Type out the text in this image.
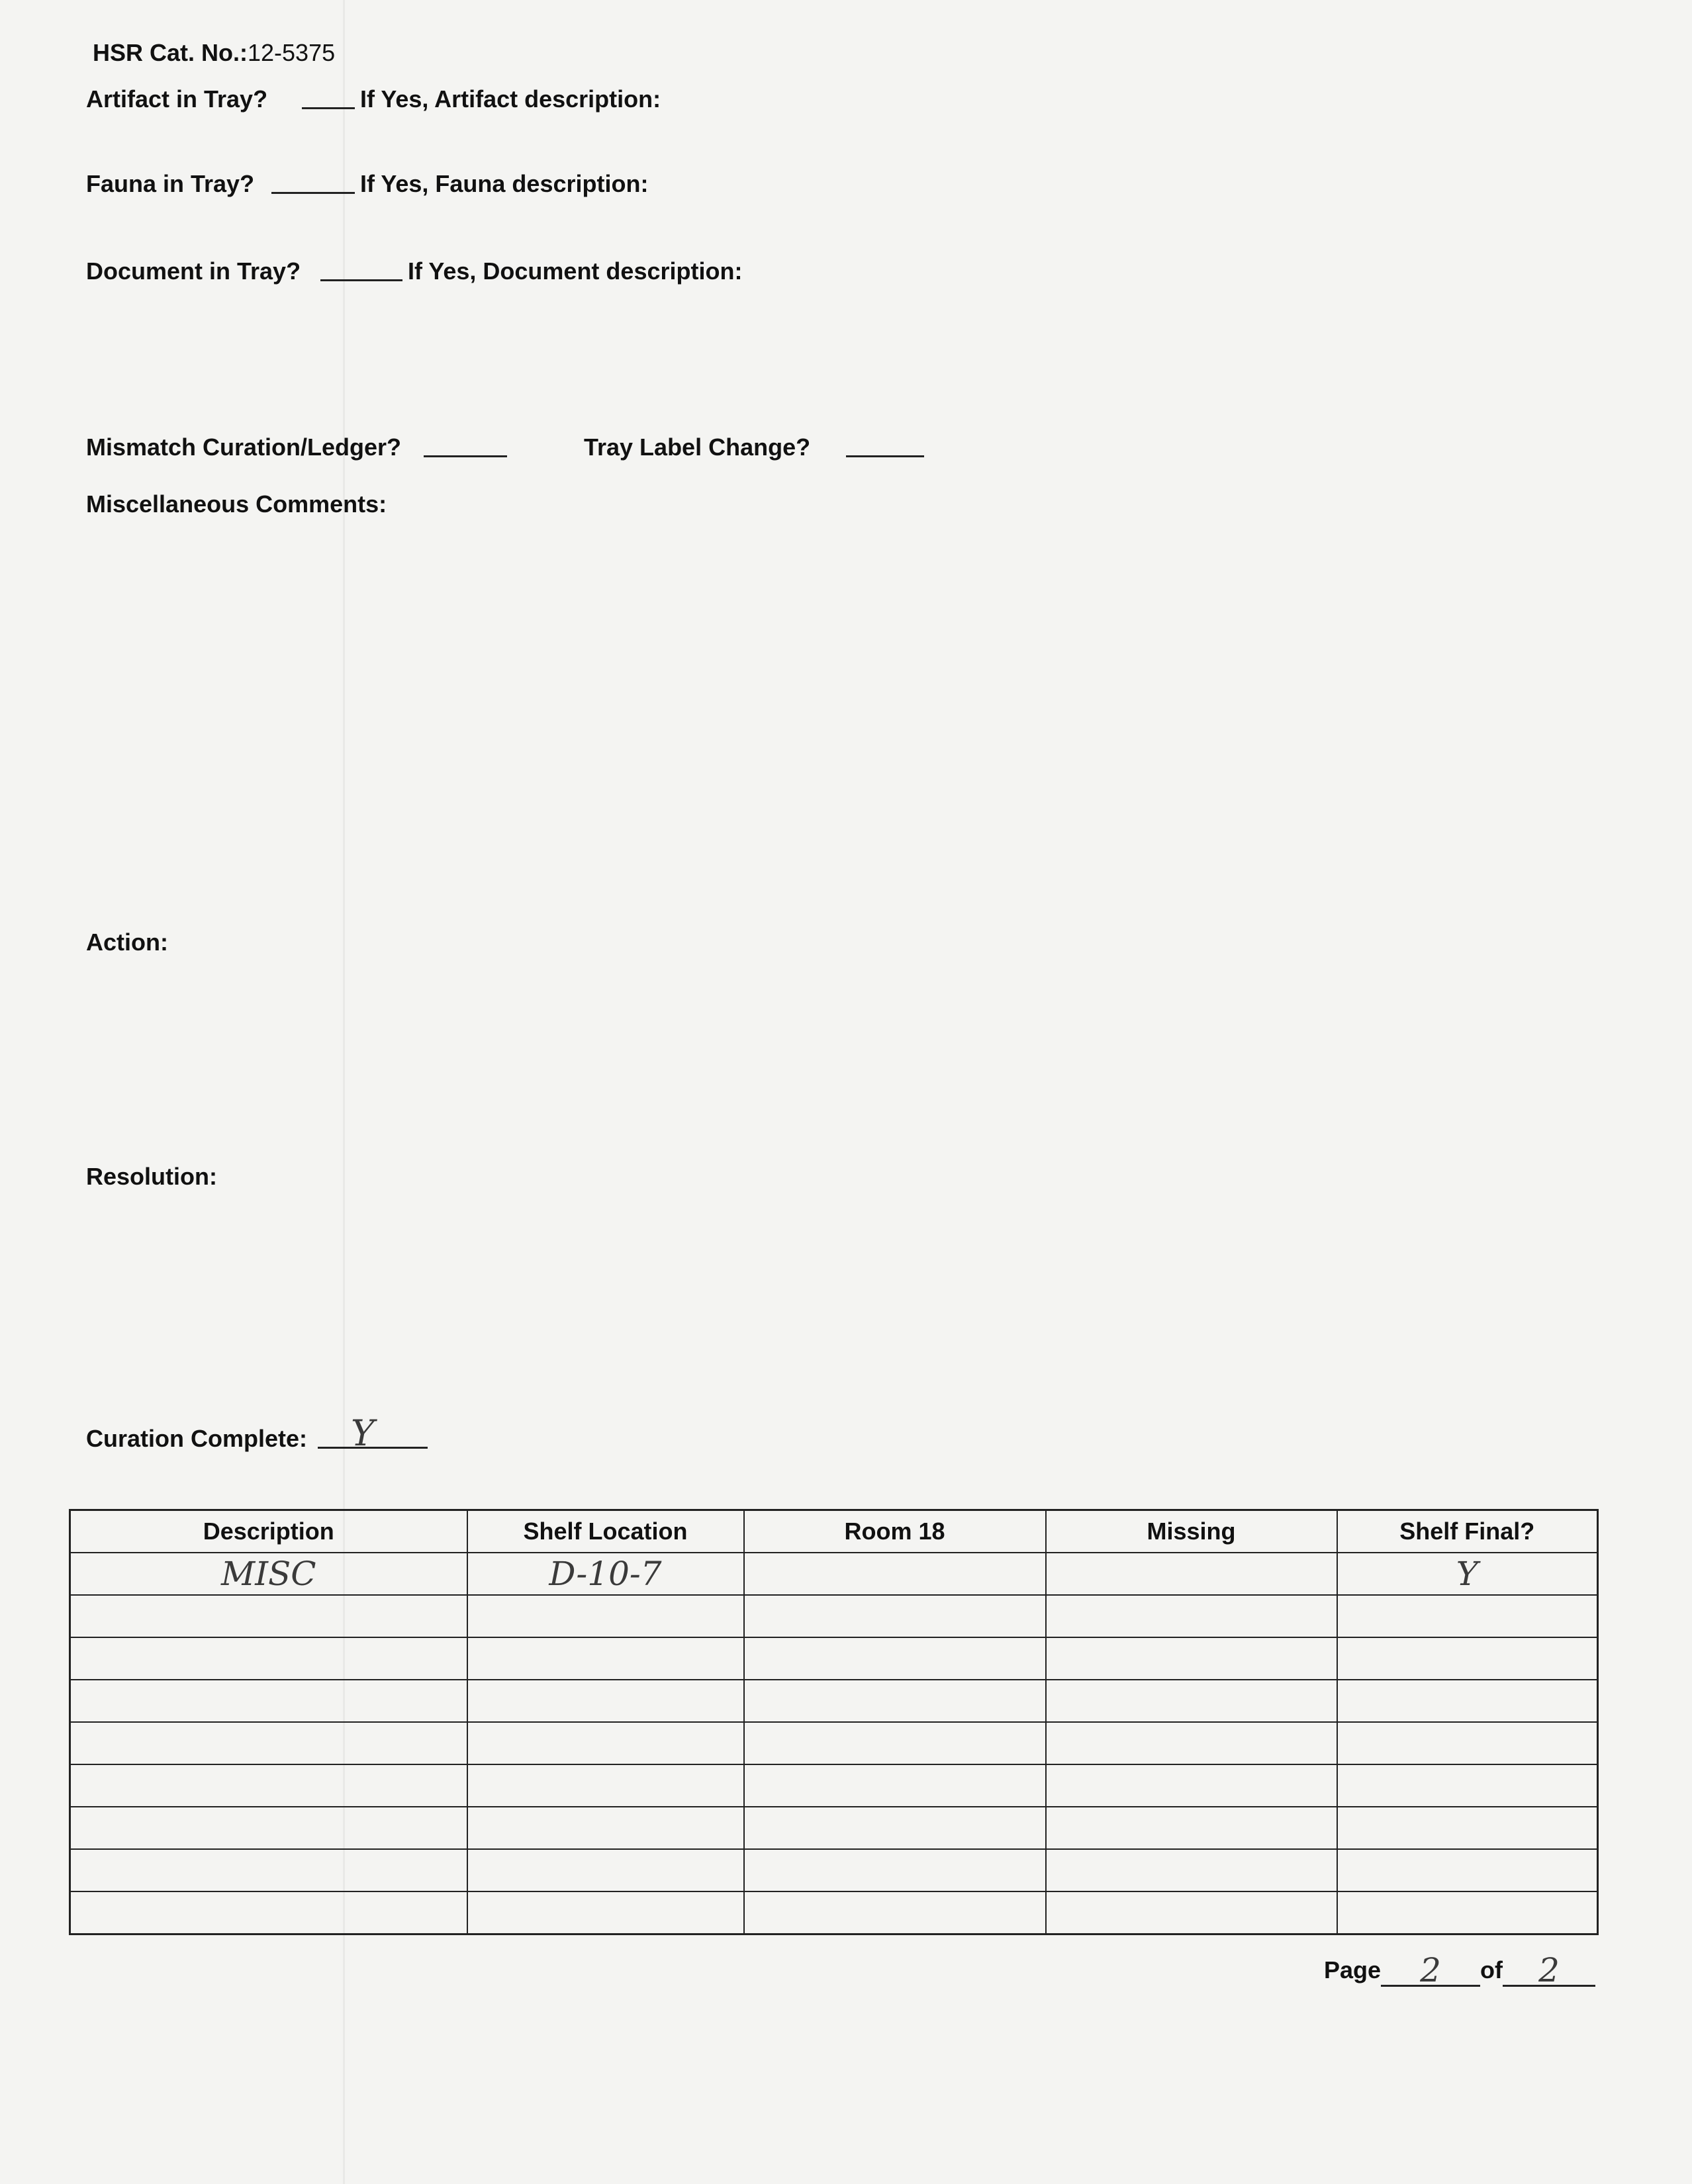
HSR Cat. No.:12-5375
Artifact in Tray?	If Yes, Artifact description:
Fauna in Tray?	If Yes, Fauna description:
Document in Tray?	If Yes, Document description:
Mismatch Curation/Ledger?	Tray Label Change?
Miscellaneous Comments:
Action:
Resolution:
Curation Complete: Y
Description	Shelf Location	Room 18	Missing	Shelf Final?
MISC	D-10-7			Y

Page 2 of 2
